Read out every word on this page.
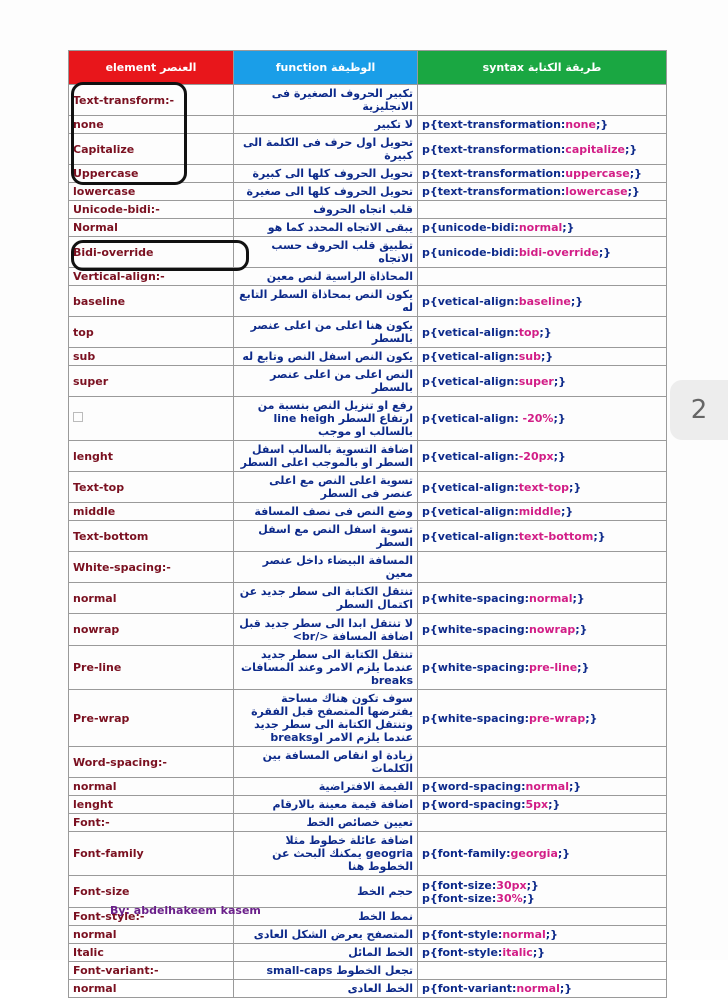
element العنصر	function الوظيفة	syntax طريقة الكتابة
Text-transform:-	تكبير الحروف الصغيرة فى الانجليزية	
none	لا تكبير	p{text-transformation:none;}
Capitalize	تحويل اول حرف فى الكلمة الى كبيرة	p{text-transformation:capitalize;}
Uppercase	تحويل الحروف كلها الى كبيرة	p{text-transformation:uppercase;}
lowercase	تحويل الحروف كلها الى صغيرة	p{text-transformation:lowercase;}
Unicode-bidi:-	قلب اتجاه الحروف	
Normal	يبقى الاتجاه المحدد كما هو	p{unicode-bidi:normal;}
Bidi-override	تطبيق قلب الحروف حسب الاتجاه	p{unicode-bidi:bidi-override;}
Vertical-align:-	المحاذاة الراسية لنص معين	
baseline	يكون النص بمحاذاة السطر التابع له	p{vetical-align:baseline;}
top	يكون هنا اعلى من اعلى عنصر بالسطر	p{vetical-align:top;}
sub	يكون النص اسفل النص وتابع له	p{vetical-align:sub;}
super	النص اعلى من اعلى عنصر بالسطر	p{vetical-align:super;}
	رفع او تنزيل النص بنسبة من ارتفاع السطر line heigh بالسالب او موجب	p{vetical-align: -20%;}
lenght	اضافة التسوية بالسالب اسفل السطر او بالموجب اعلى السطر	p{vetical-align:-20px;}
Text-top	تسوية اعلى النص مع اعلى عنصر فى السطر	p{vetical-align:text-top;}
middle	وضع النص فى نصف المسافة	p{vetical-align:middle;}
Text-bottom	تسوية اسفل النص مع اسفل السطر	p{vetical-align:text-bottom;}
White-spacing:-	المسافة البيضاء داخل عنصر معين	
normal	تنتقل الكتابة الى سطر جديد عن اكتمال السطر	p{white-spacing:normal;}
nowrap	لا تنتقل ابدا الى سطر جديد قبل اضافة المسافة </br>	p{white-spacing:nowrap;}
Pre-line	تنتقل الكتابة الى سطر جديد عندما يلزم الامر وعند المسافات breaks	p{white-spacing:pre-line;}
Pre-wrap	سوف تكون هناك مساحة يفترضها المتصفح قبل الفقرة وتنتقل الكتابة الى سطر جديد عندما يلزم الامر اوbreaks	p{white-spacing:pre-wrap;}
Word-spacing:-	زيادة او انقاص المسافة بين الكلمات	
normal	القيمة الافتراضية	p{word-spacing:normal;}
lenght	اضافة قيمة معينة بالارقام	p{word-spacing:5px;}
Font:-	تعيين خصائص الخط	
Font-family	اضافة عائلة خطوط مثلا geogria يمكنك البحث عن الخطوط هنا	p{font-family:georgia;}
Font-size	حجم الخط	p{font-size:30px;}
p{font-size:30%;}
Font-style:-	نمط الخط	
normal	المتصفح يعرض الشكل العادى	p{font-style:normal;}
Italic	الخط المائل	p{font-style:italic;}
Font-variant:-	تجعل الخطوط small-caps	
normal	الخط العادى	p{font-variant:normal;}
2
By: abdelhakeem kasem
